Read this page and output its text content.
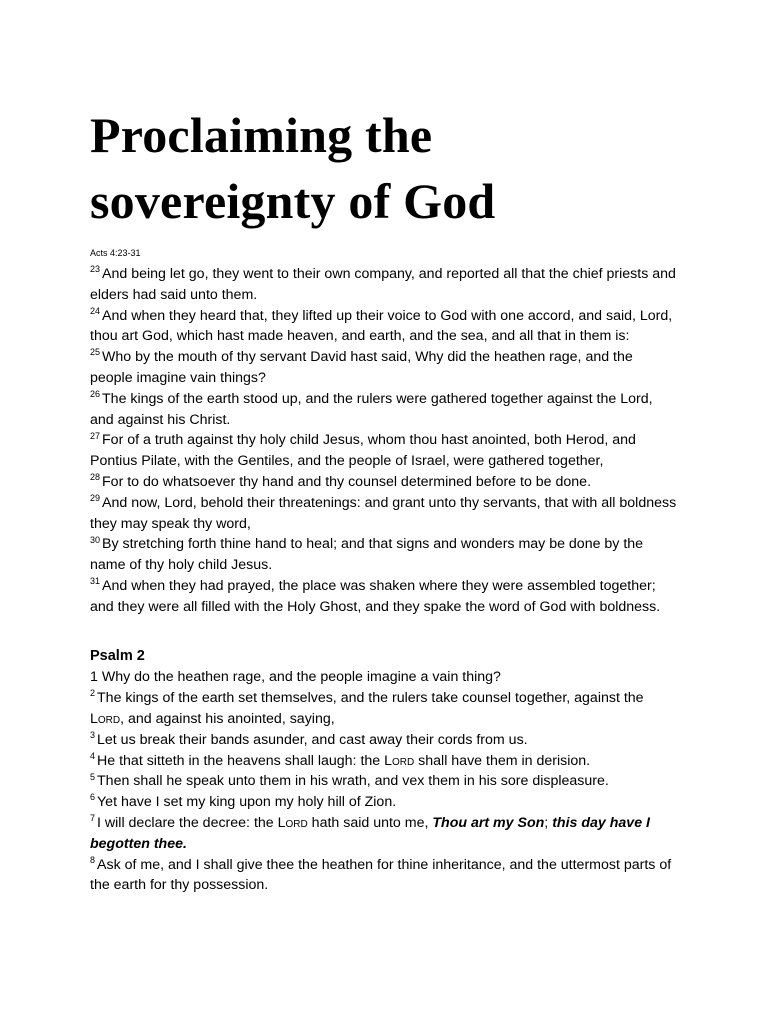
Proclaiming the sovereignty of God
Acts 4:23-31

$^{23}$ And being let go, they went to their own company, and reported all that the chief priests and elders had said unto them.

$^{24}$ And when they heard that, they lifted up their voice to God with one accord, and said, Lord, thou art God, which hast made heaven, and earth, and the sea, and all that in them is:

$^{25}$ Who by the mouth of thy servant David hast said, Why did the heathen rage, and the people imagine vain things?

$^{26}$ The kings of the earth stood up, and the rulers were gathered together against the Lord, and against his Christ.

$^{27}$ For of a truth against thy holy child Jesus, whom thou hast anointed, both Herod, and Pontius Pilate, with the Gentiles, and the people of Israel, were gathered together,

$^{28}$ For to do whatsoever thy hand and thy counsel determined before to be done.

$^{29}$ And now, Lord, behold their threatenings: and grant unto thy servants, that with all boldness they may speak thy word,

$^{30}$ By stretching forth thine hand to heal; and that signs and wonders may be done by the name of thy holy child Jesus.

$^{31}$ And when they had prayed, the place was shaken where they were assembled together; and they were all filled with the Holy Ghost, and they spake the word of God with boldness.

Psalm 2

1 Why do the heathen rage, and the people imagine a vain thing?

$^2$ The kings of the earth set themselves, and the rulers take counsel together, against the Lord, and against his anointed, saying,

$^3$ Let us break their bands asunder, and cast away their cords from us.

$^4$ He that sitteth in the heavens shall laugh: the Lord shall have them in derision.

$^5$ Then shall he speak unto them in his wrath, and vex them in his sore displeasure.

$^6$ Yet have I set my king upon my holy hill of Zion.

$^7$ I will declare the decree: the Lord hath said unto me, Thou art my Son; this day have I begotten thee.

$^8$ Ask of me, and I shall give thee the heathen for thine inheritance, and the uttermost parts of the earth for thy possession.
